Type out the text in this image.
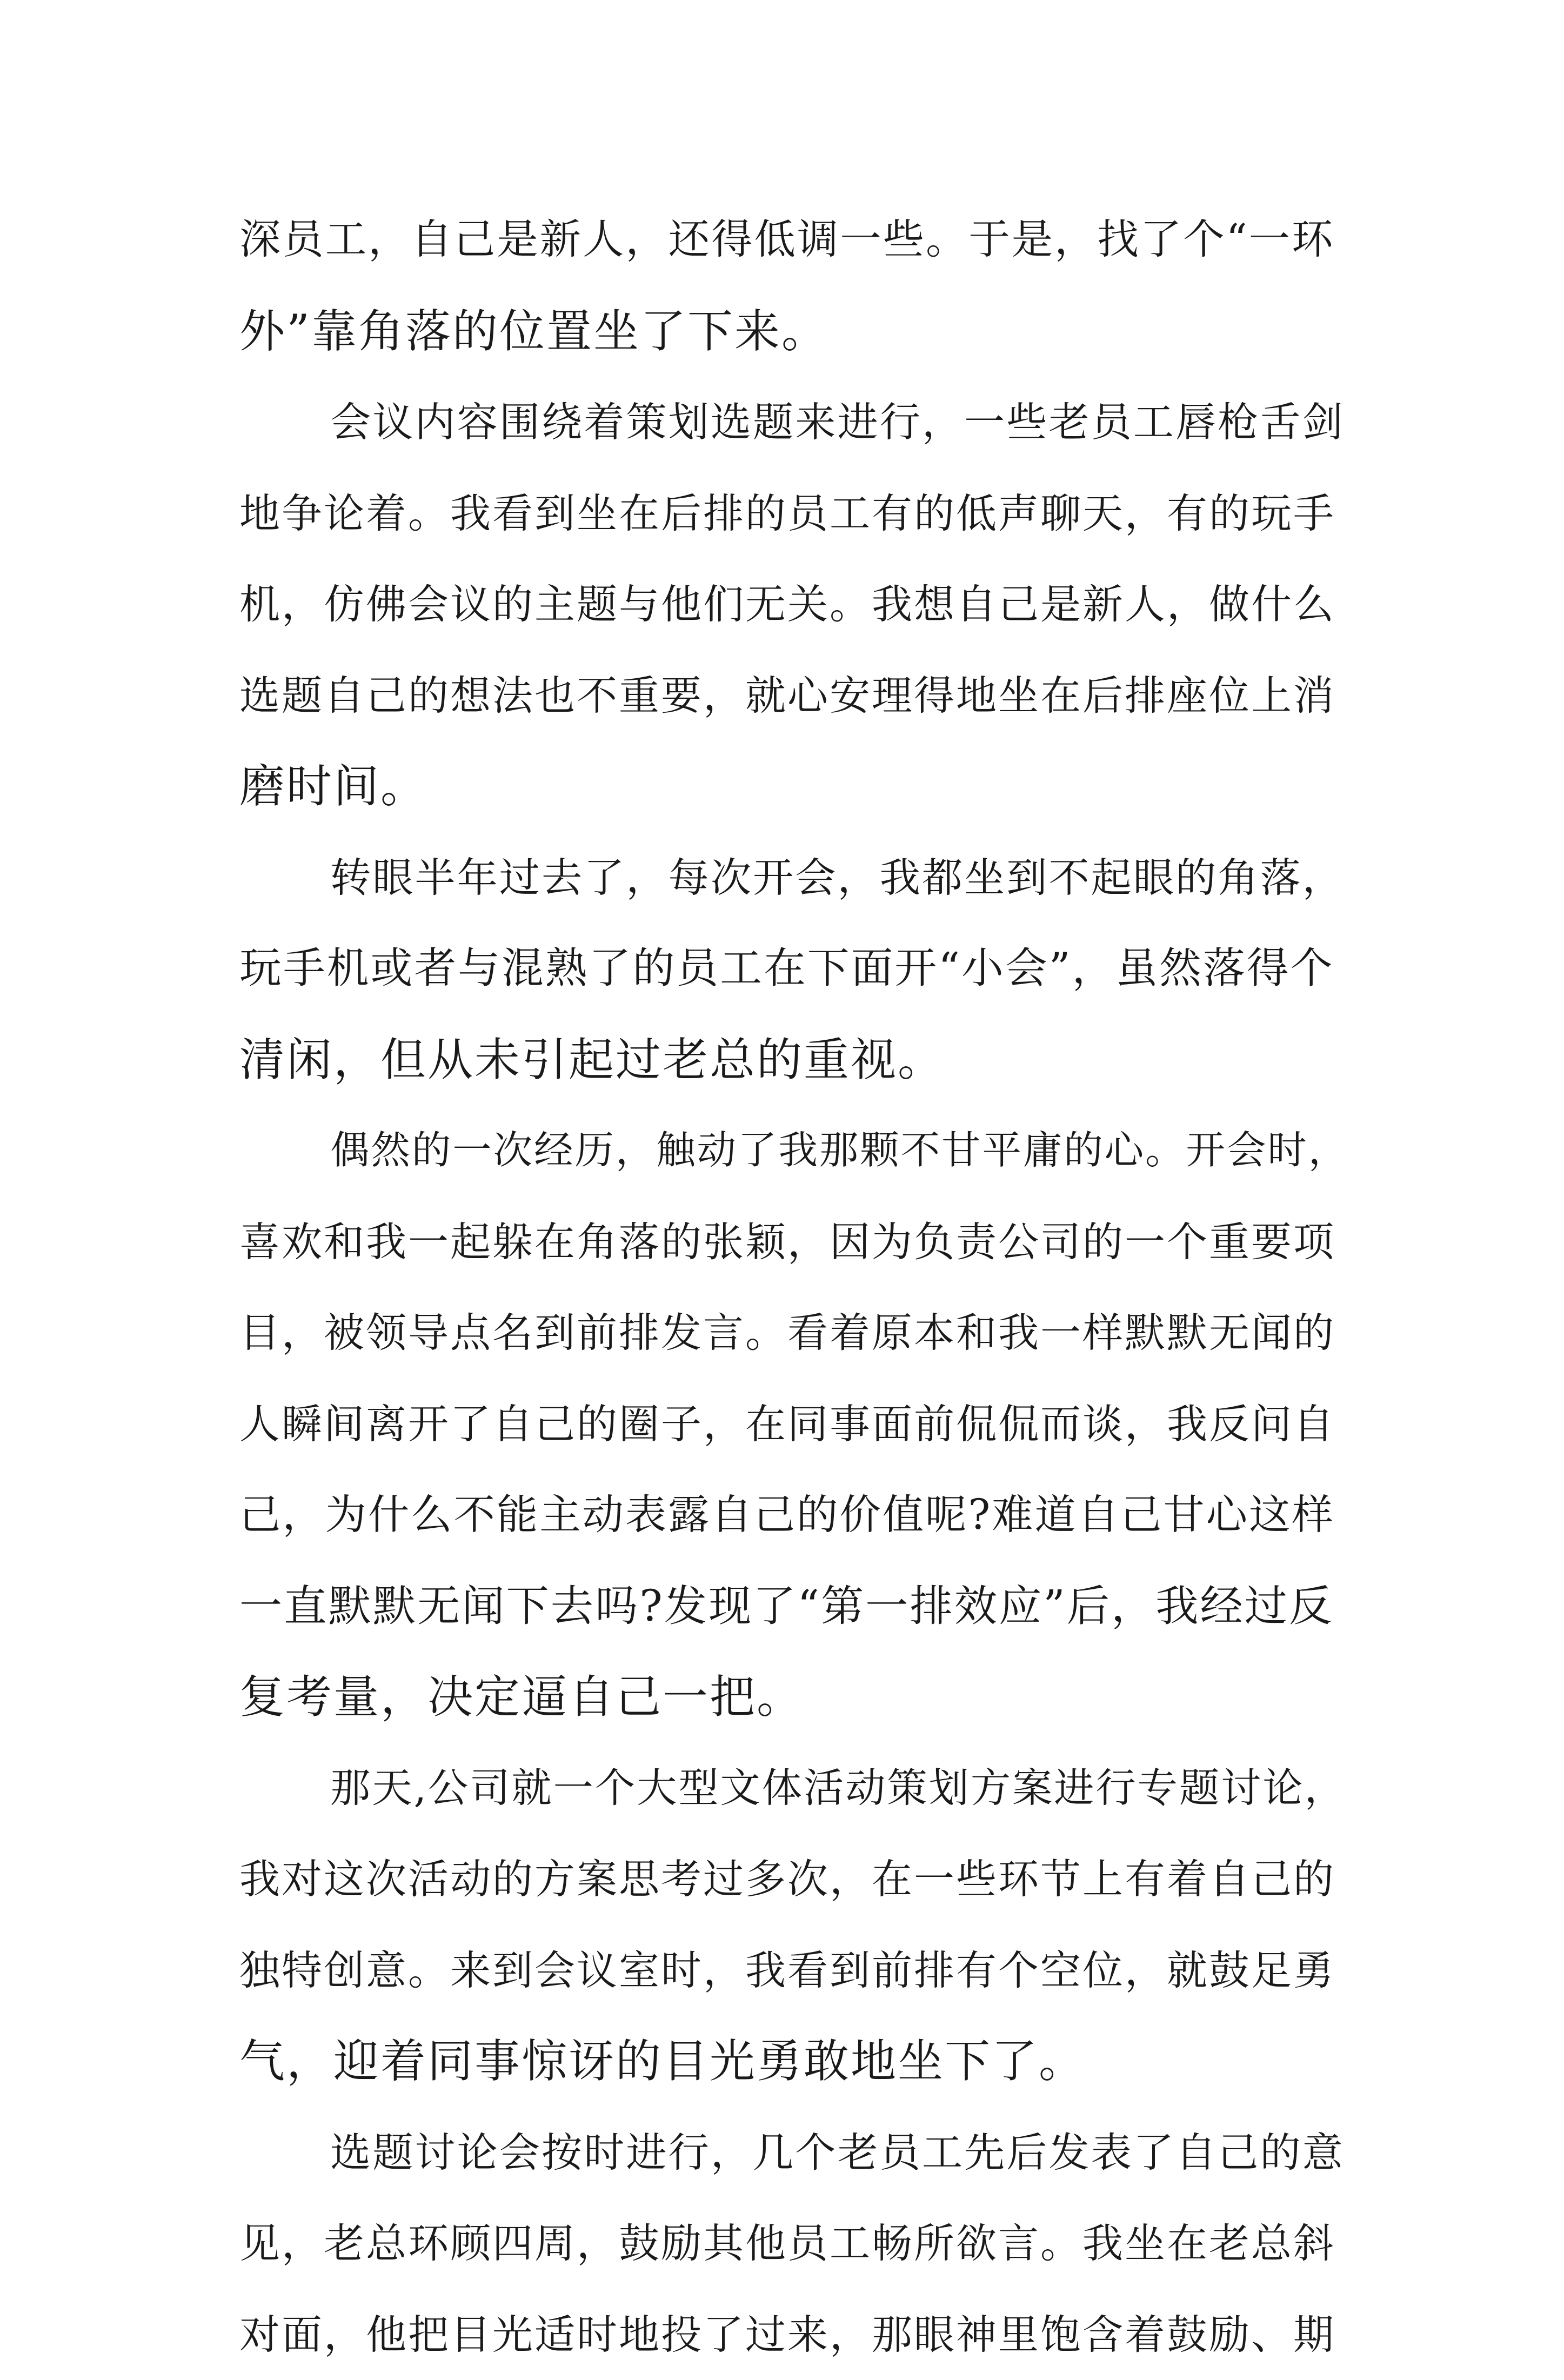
深员工，自己是新人，还得低调一些。于是，找了个“一环
外”靠角落的位置坐了下来。
会议内容围绕着策划选题来进行，一些老员工唇枪舌剑
地争论着。我看到坐在后排的员工有的低声聊天，有的玩手
机，仿佛会议的主题与他们无关。我想自己是新人，做什么
选题自己的想法也不重要，就心安理得地坐在后排座位上消
磨时间。
转眼半年过去了，每次开会，我都坐到不起眼的角落，
玩手机或者与混熟了的员工在下面开“小会”，虽然落得个
清闲，但从未引起过老总的重视。
偶然的一次经历，触动了我那颗不甘平庸的心。开会时，
喜欢和我一起躲在角落的张颖，因为负责公司的一个重要项
目，被领导点名到前排发言。看着原本和我一样默默无闻的
人瞬间离开了自己的圈子，在同事面前侃侃而谈，我反问自
己，为什么不能主动表露自己的价值呢?难道自己甘心这样
一直默默无闻下去吗?发现了“第一排效应”后，我经过反
复考量，决定逼自己一把。
那天,公司就一个大型文体活动策划方案进行专题讨论，
我对这次活动的方案思考过多次，在一些环节上有着自己的
独特创意。来到会议室时，我看到前排有个空位，就鼓足勇
气，迎着同事惊讶的目光勇敢地坐下了。
选题讨论会按时进行，几个老员工先后发表了自己的意
见，老总环顾四周，鼓励其他员工畅所欲言。我坐在老总斜
对面，他把目光适时地投了过来，那眼神里饱含着鼓励、期
